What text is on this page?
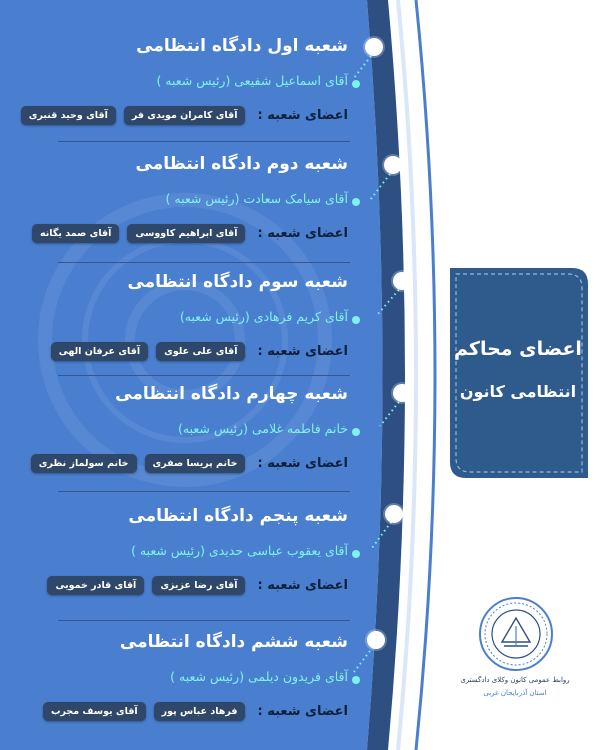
شعبه اول دادگاه انتظامی
آقای اسماعیل شفیعی (رئیس شعبه )
اعضای شعبه :
آقای کامران مویدی فر
آقای وحید قنبری
شعبه دوم دادگاه انتظامی
آقای سیامک سعادت (رئیس شعبه )
اعضای شعبه :
آقای ابراهیم کاووسی
آقای صمد یگانه
شعبه سوم دادگاه انتظامی
آقای کریم فرهادی (رئیس شعبه)
اعضای شعبه :
آقای علی علوی
آقای عرفان الهی
شعبه چهارم دادگاه انتظامی
خانم فاطمه غلامی (رئیس شعبه)
اعضای شعبه :
خانم پریسا صفری
خانم سولماز نظری
شعبه پنجم دادگاه انتظامی
آقای یعقوب عباسی حدیدی (رئیس شعبه )
اعضای شعبه :
آقای رضا عزیزی
آقای قادر خمویی
شعبه ششم دادگاه انتظامی
آقای فریدون دیلمی (رئیس شعبه )
اعضای شعبه :
فرهاد عباس پور
آقای یوسف مجرب
اعضای محاکم
انتظامی کانون
روابط عمومی کانون وکلای دادگستری
استان آذربایجان غربی
